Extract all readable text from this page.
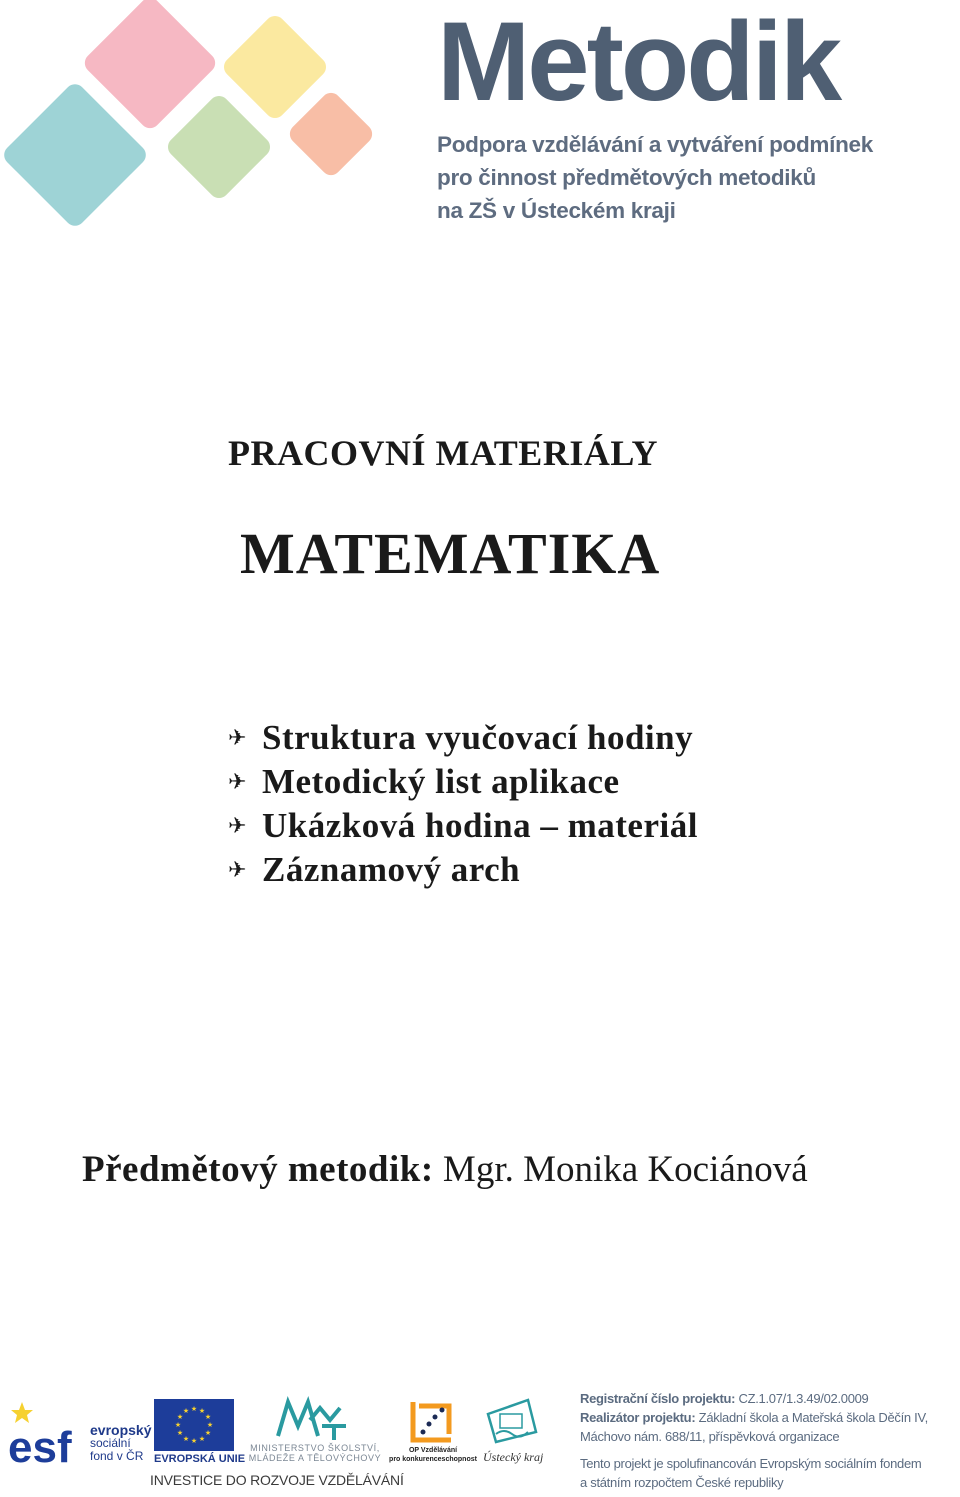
Metodik
Podpora vzdělávání a vytváření podmínek
pro činnost předmětových metodiků
na ZŠ v Ústeckém kraji
PRACOVNÍ MATERIÁLY
MATEMATIKA
✈ Struktura vyučovací hodiny
✈ Metodický list aplikace
✈ Ukázková hodina – materiál
✈ Záznamový arch
Předmětový metodik: Mgr. Monika Kociánová
esf evropský
sociální
fond v ČR
★ ★
★
★
★
★
★
★
★
★
★
★
EVROPSKÁ UNIE
MINISTERSTVO ŠKOLSTVÍ,
MLÁDEŽE A TĚLOVÝCHOVY
OP Vzdělávání
pro konkurenceschopnost Ústecký kraj
INVESTICE DO ROZVOJE VZDĚLÁVÁNÍ

Registrační číslo projektu: CZ.1.07/1.3.49/02.0009

Realizátor projektu: Základní škola a Mateřská škola Děčín IV,

Máchovo nám. 688/11, příspěvková organizace

Tento projekt je spolufinancován Evropským sociálním fondem

a státním rozpočtem České republiky
